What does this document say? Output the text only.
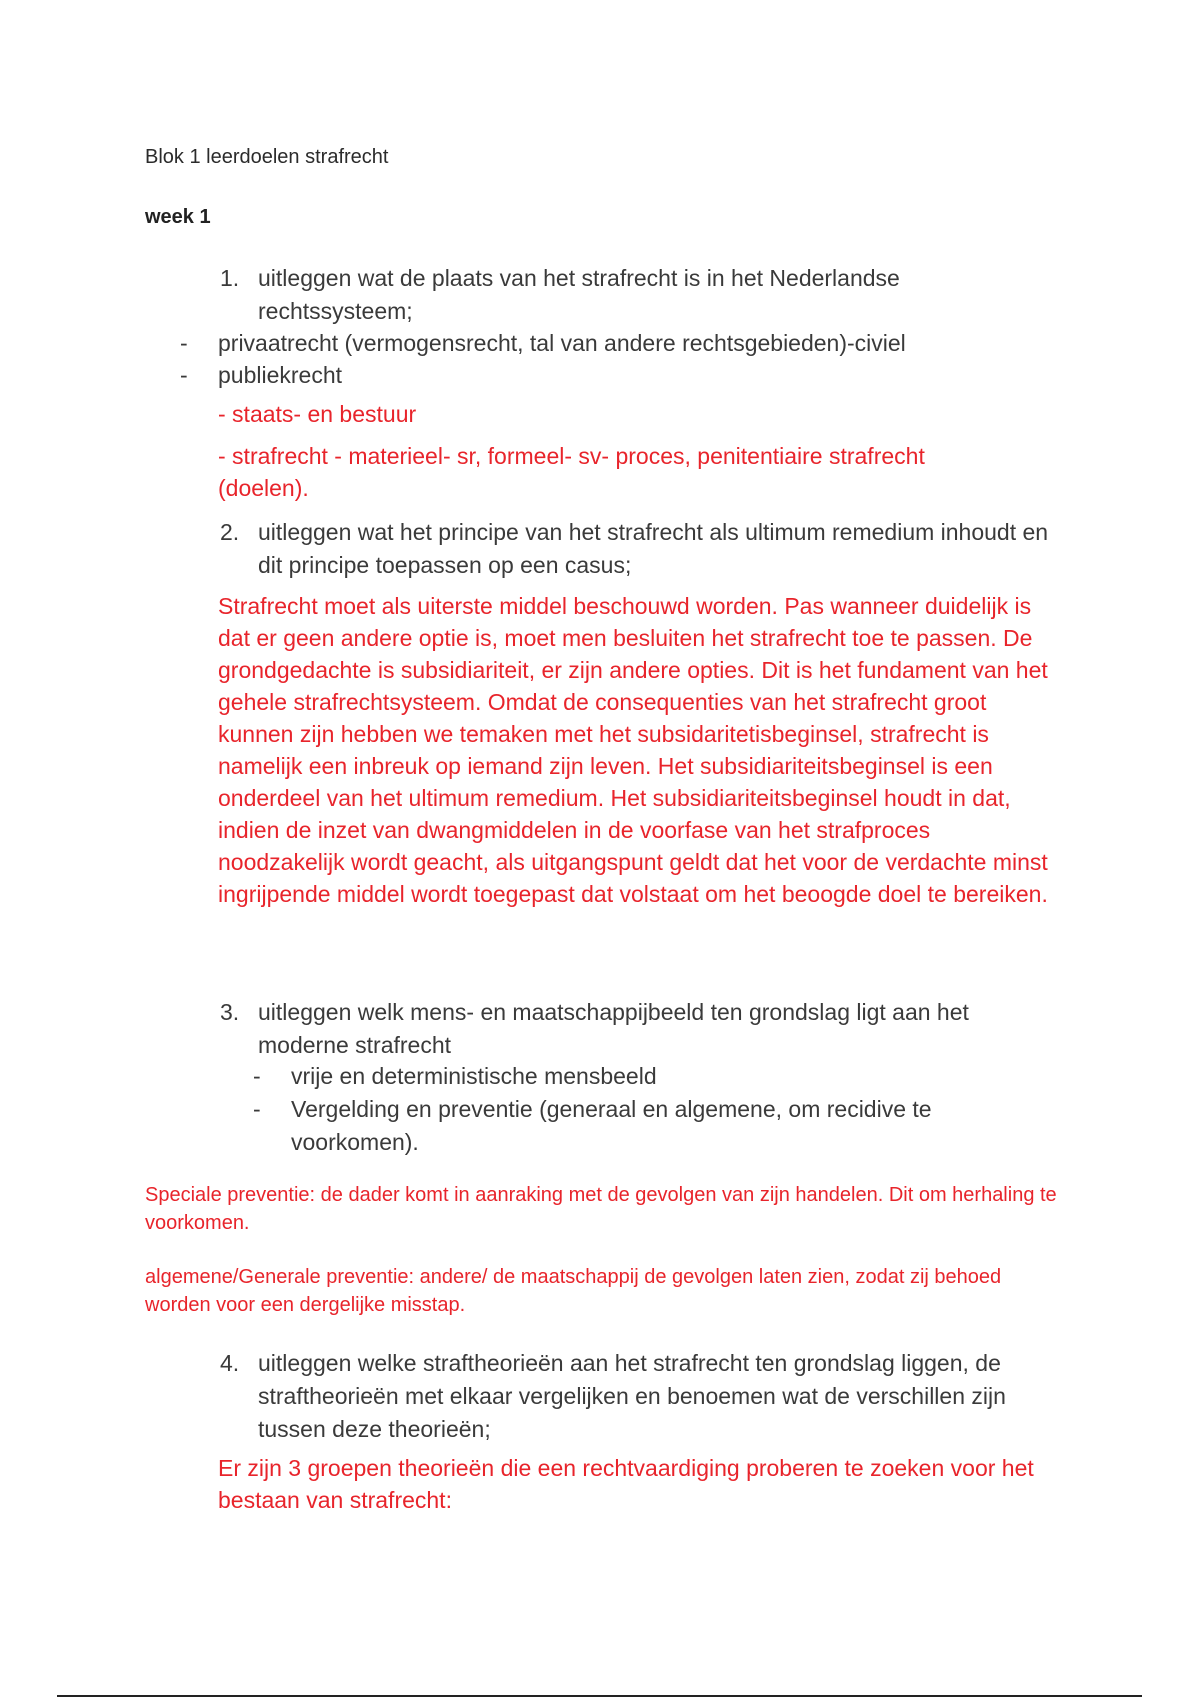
Blok 1 leerdoelen strafrecht

week 1

1. uitleggen wat de plaats van het strafrecht is in het Nederlandse rechtssysteem;
- privaatrecht (vermogensrecht, tal van andere rechtsgebieden)-civiel
- publiekrecht

- staats- en bestuur

- strafrecht - materieel- sr, formeel- sv- proces, penitentiaire strafrecht (doelen).

2. uitleggen wat het principe van het strafrecht als ultimum remedium inhoudt en dit principe toepassen op een casus;

Strafrecht moet als uiterste middel beschouwd worden. Pas wanneer duidelijk is dat er geen andere optie is, moet men besluiten het strafrecht toe te passen. De grondgedachte is subsidiariteit, er zijn andere opties. Dit is het fundament van het gehele strafrechtsysteem. Omdat de consequenties van het strafrecht groot kunnen zijn hebben we temaken met het subsidaritetisbeginsel, strafrecht is namelijk een inbreuk op iemand zijn leven. Het subsidiariteitsbeginsel is een onderdeel van het ultimum remedium. Het subsidiariteitsbeginsel houdt in dat, indien de inzet van dwangmiddelen in de voorfase van het strafproces noodzakelijk wordt geacht, als uitgangspunt geldt dat het voor de verdachte minst ingrijpende middel wordt toegepast dat volstaat om het beoogde doel te bereiken.

3. uitleggen welk mens- en maatschappijbeeld ten grondslag ligt aan het moderne strafrecht
- vrije en deterministische mensbeeld
- Vergelding en preventie (generaal en algemene, om recidive te voorkomen).

Speciale preventie: de dader komt in aanraking met de gevolgen van zijn handelen. Dit om herhaling te voorkomen.

algemene/Generale preventie: andere/ de maatschappij de gevolgen laten zien, zodat zij behoed worden voor een dergelijke misstap.

4. uitleggen welke straftheorieën aan het strafrecht ten grondslag liggen, de straftheorieën met elkaar vergelijken en benoemen wat de verschillen zijn tussen deze theorieën;

Er zijn 3 groepen theorieën die een rechtvaardiging proberen te zoeken voor het bestaan van strafrecht:
